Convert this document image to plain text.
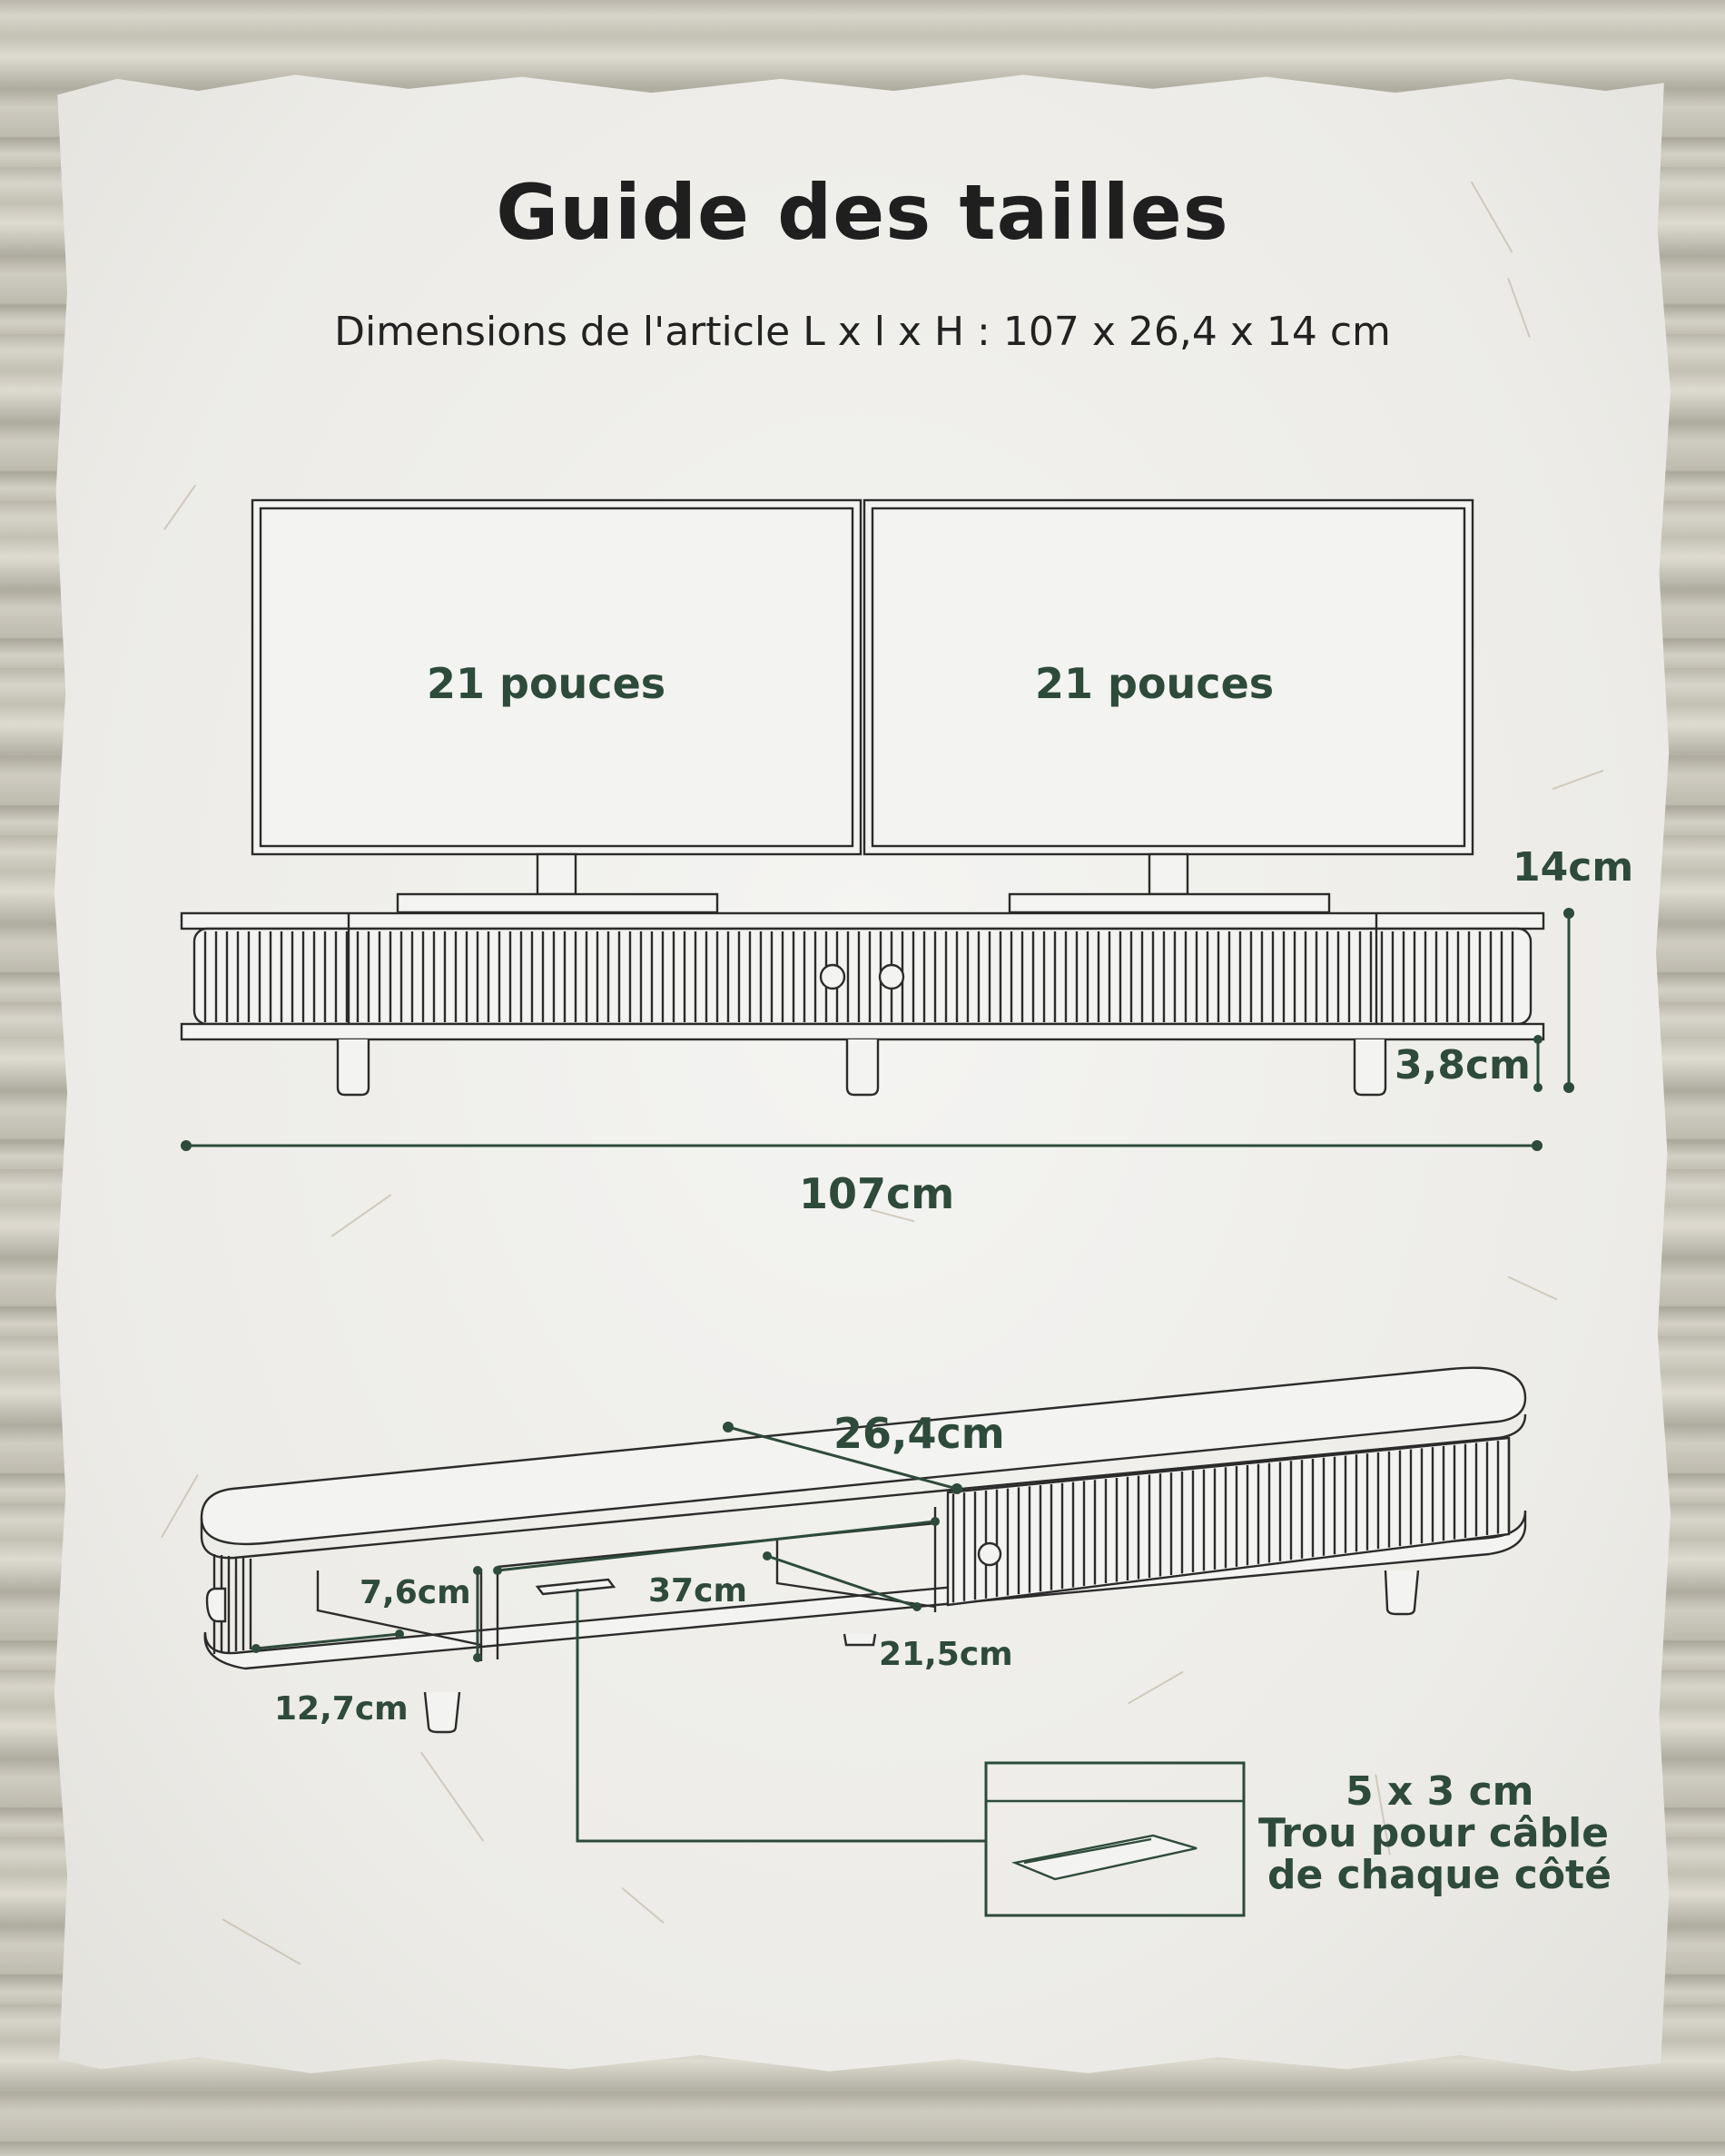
Guide des tailles
Dimensions de l'article L x l x H : 107 x 26,4 x 14 cm
21 pouces	21 pouces
14cm
3,8cm
107cm
26,4cm
7,6cm	37cm
21,5cm
12,7cm
5 x 3 cm
Trou pour câble
de chaque côté
